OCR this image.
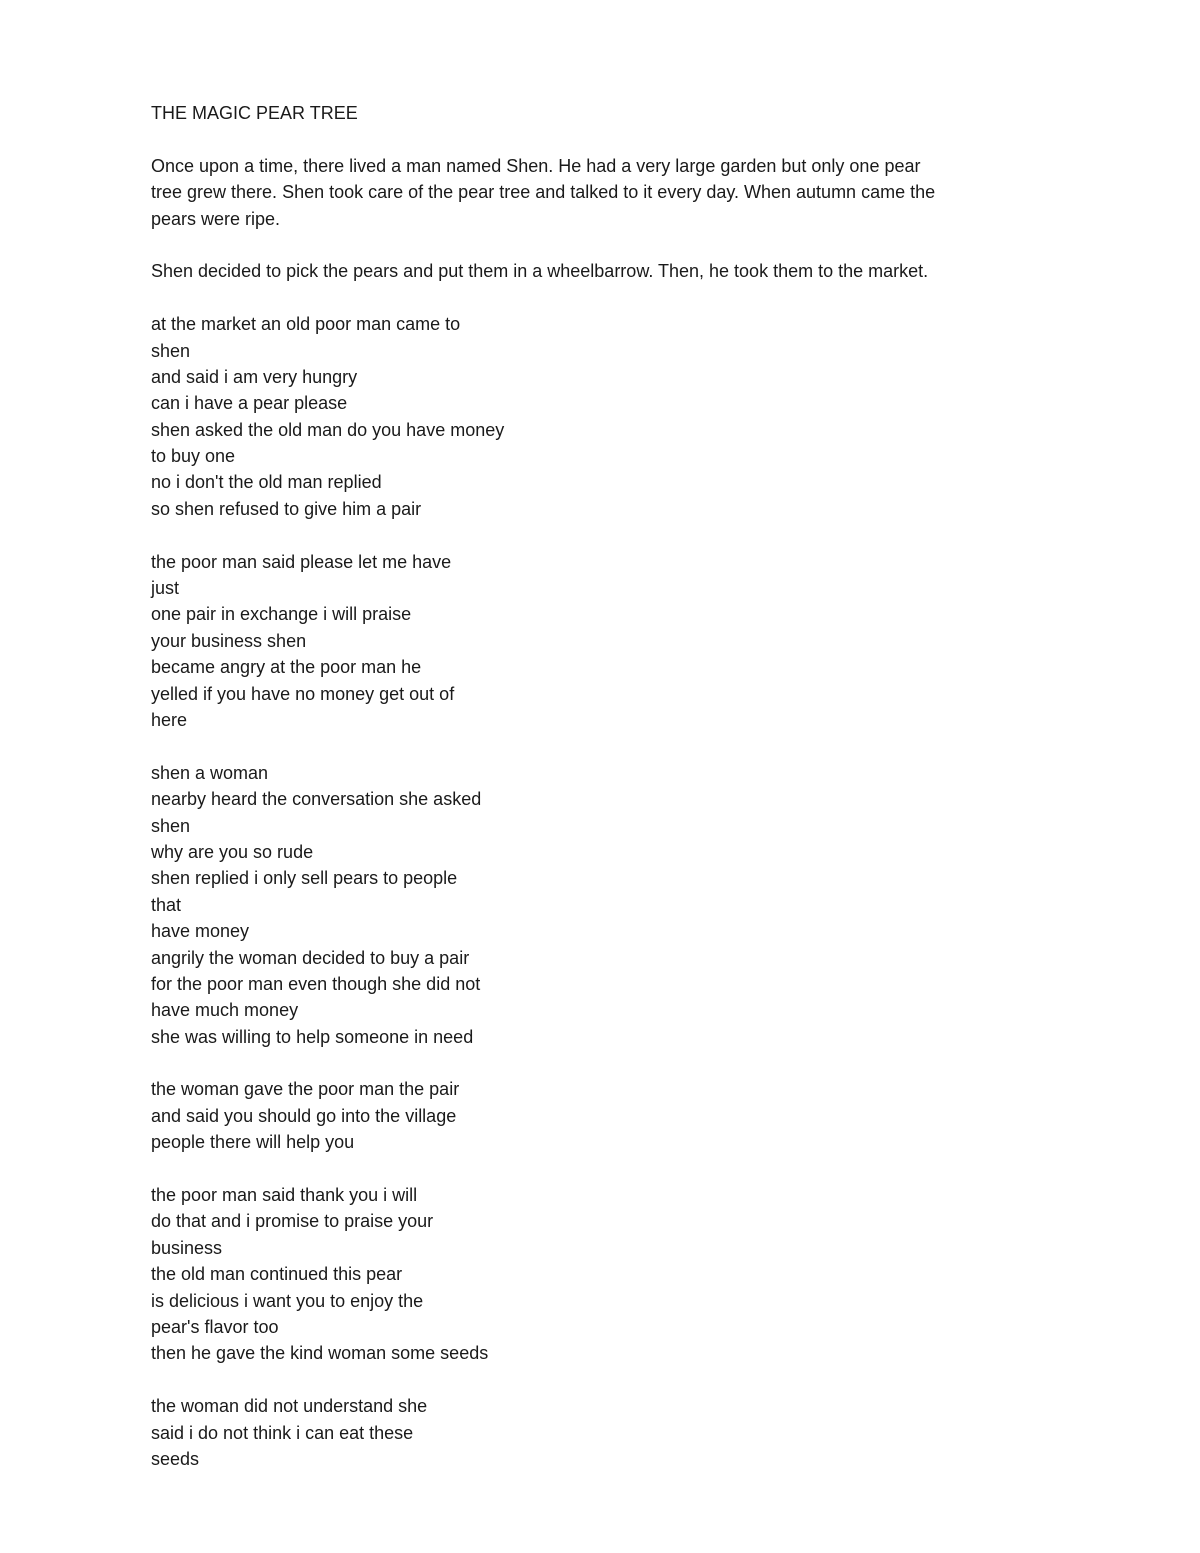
THE MAGIC PEAR TREE
Once upon a time, there lived a man named Shen. He had a very large garden but only one pear
tree grew there. Shen took care of the pear tree and talked to it every day. When autumn came the
pears were ripe.
Shen decided to pick the pears and put them in a wheelbarrow. Then, he took them to the market.
at the market an old poor man came to
shen
and said i am very hungry
can i have a pear please
shen asked the old man do you have money
to buy one
no i don't the old man replied
so shen refused to give him a pair
the poor man said please let me have
just
one pair in exchange i will praise
your business shen
became angry at the poor man he
yelled if you have no money get out of
here
shen a woman
nearby heard the conversation she asked
shen
why are you so rude
shen replied i only sell pears to people
that
have money
angrily the woman decided to buy a pair
for the poor man even though she did not
have much money
she was willing to help someone in need
the woman gave the poor man the pair
and said you should go into the village
people there will help you
the poor man said thank you i will
do that and i promise to praise your
business
the old man continued this pear
is delicious i want you to enjoy the
pear's flavor too
then he gave the kind woman some seeds
the woman did not understand she
said i do not think i can eat these
seeds
